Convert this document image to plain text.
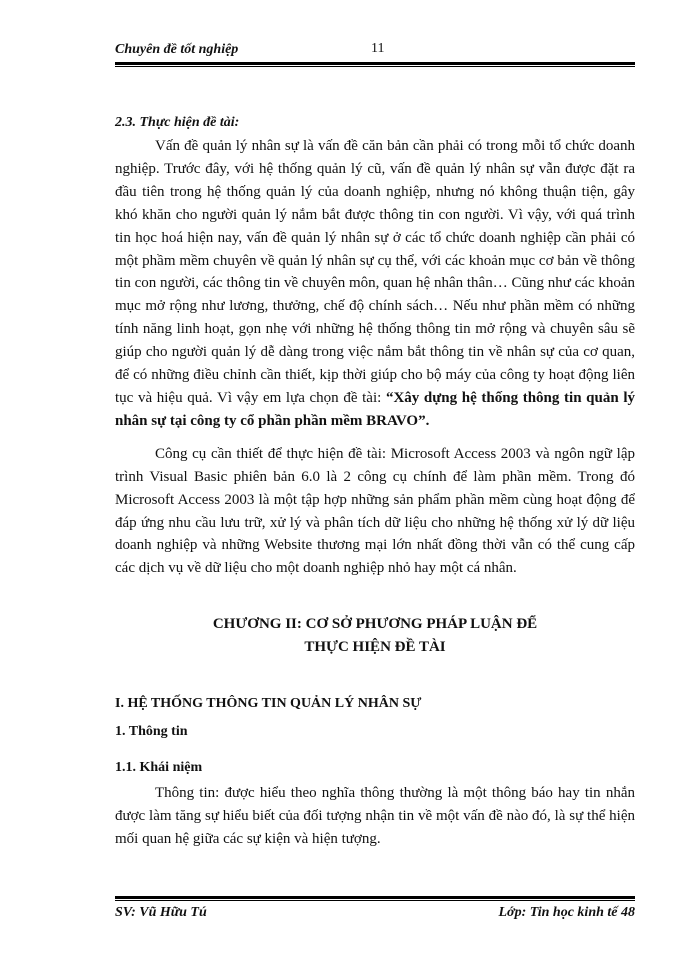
Chuyên đề tốt nghiệp	11
2.3. Thực hiện đề tài:

Vấn đề quản lý nhân sự là vấn đề căn bản cần phải có trong mỗi tổ chức doanh nghiệp. Trước đây, với hệ thống quản lý cũ, vấn đề quản lý nhân sự vẫn được đặt ra đầu tiên trong hệ thống quản lý của doanh nghiệp, nhưng nó không thuận tiện, gây khó khăn cho người quản lý nắm bắt được thông tin con người. Vì vậy, với quá trình tin học hoá hiện nay, vấn đề quản lý nhân sự ở các tổ chức doanh nghiệp cần phải có một phầm mềm chuyên về quản lý nhân sự cụ thể, với các khoản mục cơ bản về thông tin con người, các thông tin về chuyên môn, quan hệ nhân thân… Cũng như các khoản mục mở rộng như lương, thưởng, chế độ chính sách… Nếu như phần mềm có những tính năng linh hoạt, gọn nhẹ với những hệ thống thông tin mở rộng và chuyên sâu sẽ giúp cho người quản lý dễ dàng trong việc nắm bắt thông tin về nhân sự của cơ quan, để có những điều chỉnh cần thiết, kịp thời giúp cho bộ máy của công ty hoạt động liên tục và hiệu quả. Vì vậy em lựa chọn đề tài: “Xây dựng hệ thống thông tin quản lý nhân sự tại công ty cổ phần phần mềm BRAVO”.

Công cụ cần thiết để thực hiện đề tài: Microsoft Access 2003 và ngôn ngữ lập trình Visual Basic phiên bản 6.0 là 2 công cụ chính để làm phần mềm. Trong đó Microsoft Access 2003 là một tập hợp những sản phẩm phần mềm cùng hoạt động để đáp ứng nhu cầu lưu trữ, xử lý và phân tích dữ liệu cho những hệ thống xử lý dữ liệu doanh nghiệp và những Website thương mại lớn nhất đồng thời vẫn có thể cung cấp các dịch vụ về dữ liệu cho một doanh nghiệp nhỏ hay một cá nhân.

CHƯƠNG II: CƠ SỞ PHƯƠNG PHÁP LUẬN ĐỂ
THỰC HIỆN ĐỀ TÀI
I. HỆ THỐNG THÔNG TIN QUẢN LÝ NHÂN SỰ
1. Thông tin
1.1. Khái niệm

Thông tin: được hiểu theo nghĩa thông thường là một thông báo hay tin nhắn được làm tăng sự hiểu biết của đối tượng nhận tin về một vấn đề nào đó, là sự thể hiện mối quan hệ giữa các sự kiện và hiện tượng.

SV: Vũ Hữu Tú	Lớp: Tin học kinh tế 48
